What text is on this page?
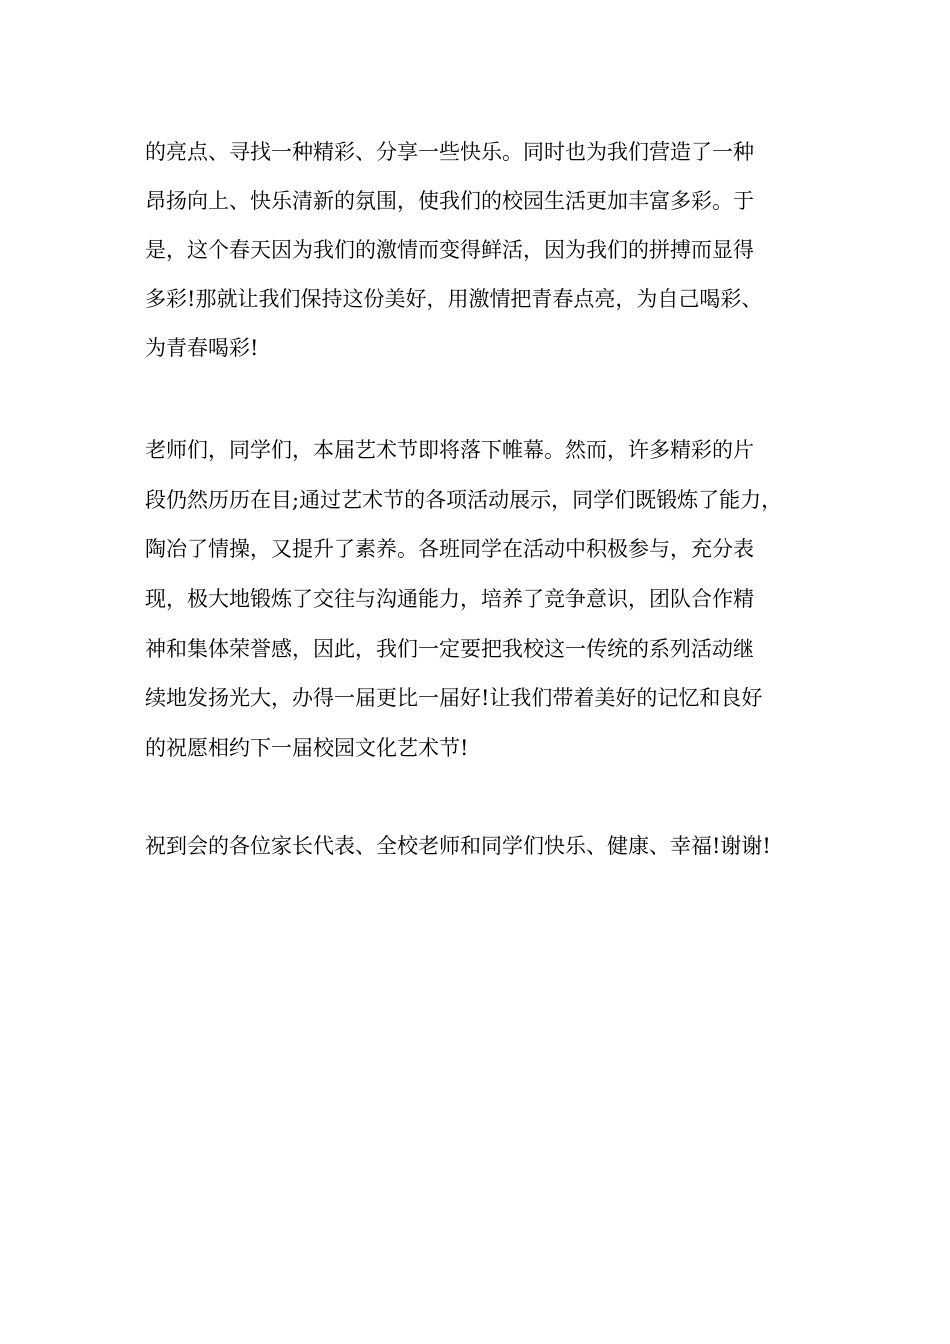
的亮点、寻找一种精彩、分享一些快乐。同时也为我们营造了一种
昂扬向上、快乐清新的氛围，使我们的校园生活更加丰富多彩。于
是，这个春天因为我们的激情而变得鲜活，因为我们的拼搏而显得
多彩!那就让我们保持这份美好，用激情把青春点亮，为自己喝彩、
为青春喝彩!
老师们，同学们，本届艺术节即将落下帷幕。然而，许多精彩的片
段仍然历历在目;通过艺术节的各项活动展示，同学们既锻炼了能力，
陶冶了情操，又提升了素养。各班同学在活动中积极参与，充分表
现，极大地锻炼了交往与沟通能力，培养了竞争意识，团队合作精
神和集体荣誉感，因此，我们一定要把我校这一传统的系列活动继
续地发扬光大，办得一届更比一届好!让我们带着美好的记忆和良好
的祝愿相约下一届校园文化艺术节!
祝到会的各位家长代表、全校老师和同学们快乐、健康、幸福!谢谢!
